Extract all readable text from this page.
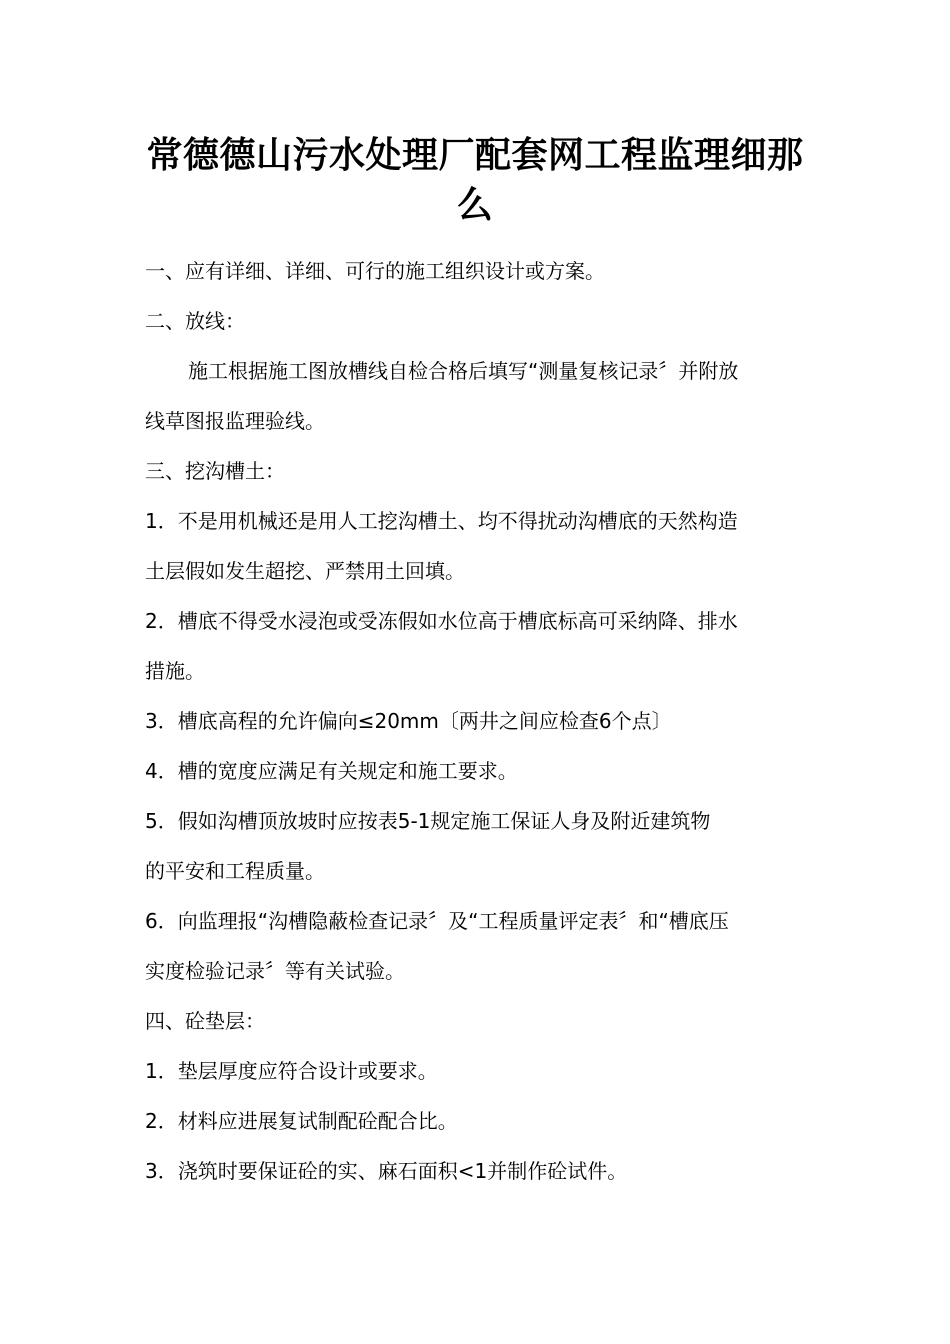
常德德山污水处理厂配套网工程监理细那么

一、应有详细、详细、可行的施工组织设计或方案。

二、放线：

施工根据施工图放槽线自检合格后填写“测量复核记录〞并附放

线草图报监理验线。

三、挖沟槽土：

1．不是用机械还是用人工挖沟槽土、均不得扰动沟槽底的天然构造

土层假如发生超挖、严禁用土回填。

2．槽底不得受水浸泡或受冻假如水位高于槽底标高可采纳降、排水

措施。

3．槽底高程的允许偏向≤20mm〔两井之间应检查6个点〕

4．槽的宽度应满足有关规定和施工要求。

5．假如沟槽顶放坡时应按表5-1规定施工保证人身及附近建筑物

的平安和工程质量。

6．向监理报“沟槽隐蔽检查记录〞及“工程质量评定表〞和“槽底压

实度检验记录〞等有关试验。

四、砼垫层：

1．垫层厚度应符合设计或要求。

2．材料应进展复试制配砼配合比。

3．浇筑时要保证砼的实、麻石面积<1并制作砼试件。
